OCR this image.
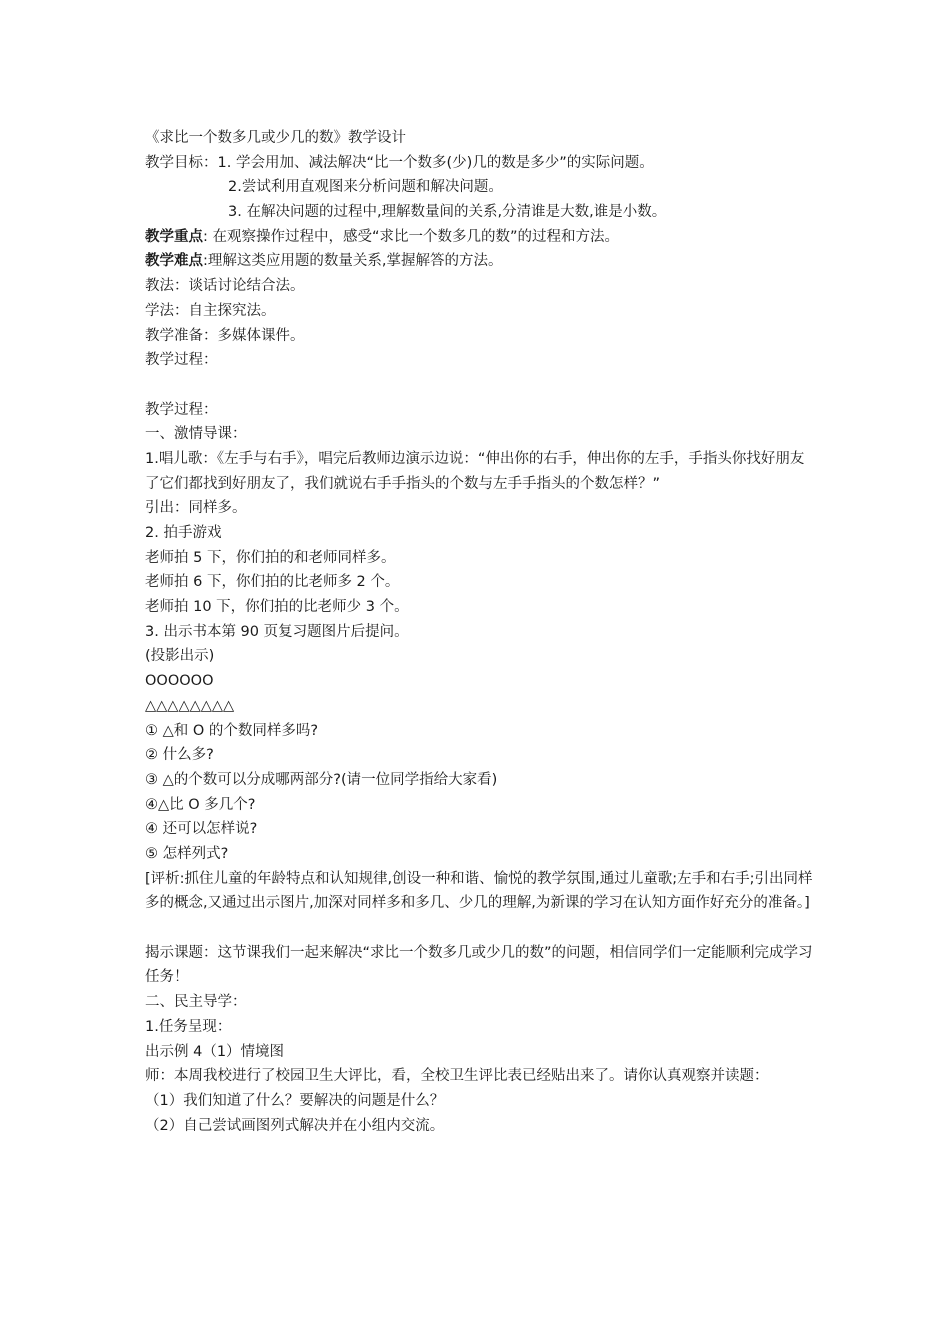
《求比一个数多几或少几的数》教学设计
教学目标：1. 学会用加、减法解决“比一个数多(少)几的数是多少”的实际问题。
2.尝试利用直观图来分析问题和解决问题。
3. 在解决问题的过程中,理解数量间的关系,分清谁是大数,谁是小数。
教学重点: 在观察操作过程中，感受“求比一个数多几的数”的过程和方法。
教学难点:理解这类应用题的数量关系,掌握解答的方法。
教法：谈话讨论结合法。
学法：自主探究法。
教学准备：多媒体课件。
教学过程：
教学过程：
一、激情导课：
1.唱儿歌：《左手与右手》，唱完后教师边演示边说：“伸出你的右手，伸出你的左手，手指头你找好朋友了它们都找到好朋友了，我们就说右手手指头的个数与左手手指头的个数怎样？”
引出：同样多。
2. 拍手游戏
老师拍 5 下，你们拍的和老师同样多。
老师拍 6 下，你们拍的比老师多 2 个。
老师拍 10 下，你们拍的比老师少 3 个。
3. 出示书本第 90 页复习题图片后提问。
(投影出示)
OOOOOO
△△△△△△△△
① △和 O 的个数同样多吗?
② 什么多?
③ △的个数可以分成哪两部分?(请一位同学指给大家看)
④△比 O 多几个?
④ 还可以怎样说?
⑤ 怎样列式?
[评析:抓住儿童的年龄特点和认知规律,创设一种和谐、愉悦的教学氛围,通过儿童歌;左手和右手;引出同样多的概念,又通过出示图片,加深对同样多和多几、少几的理解,为新课的学习在认知方面作好充分的准备。]
揭示课题：这节课我们一起来解决“求比一个数多几或少几的数”的问题，相信同学们一定能顺利完成学习任务！
二、民主导学：
1.任务呈现：
出示例 4（1）情境图
师：本周我校进行了校园卫生大评比，看，全校卫生评比表已经贴出来了。请你认真观察并读题：
（1）我们知道了什么？要解决的问题是什么？
（2）自己尝试画图列式解决并在小组内交流。
